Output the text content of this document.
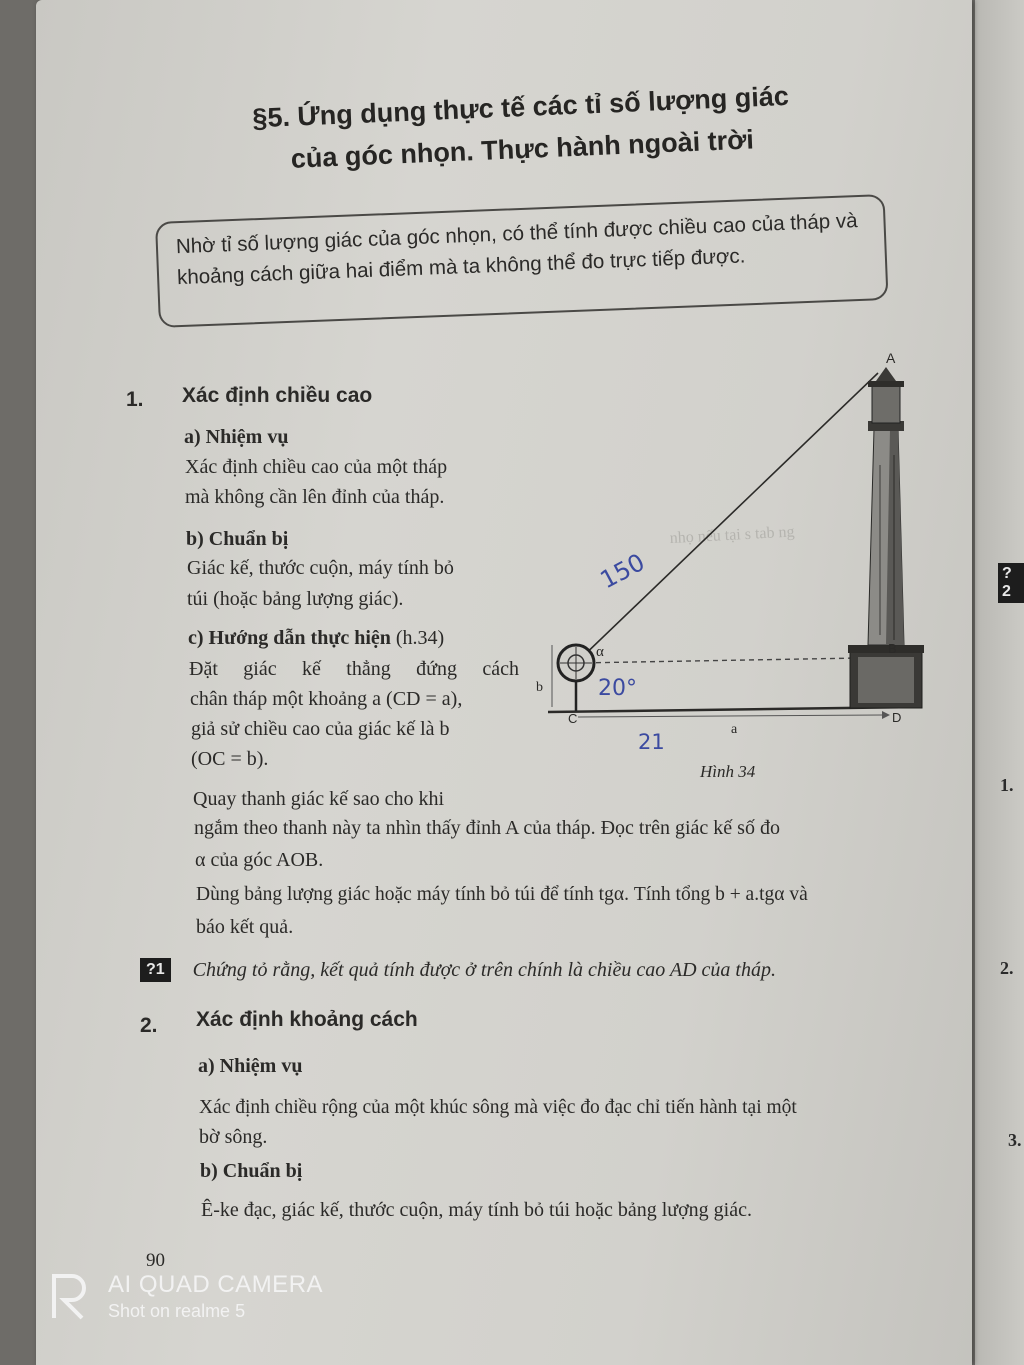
?2
1.
2.
3.
§5. Ứng dụng thực tế các tỉ số lượng giác
của góc nhọn. Thực hành ngoài trời
Nhờ tỉ số lượng giác của góc nhọn, có thể tính được chiều cao của tháp và khoảng cách giữa hai điểm mà ta không thể đo trực tiếp được.
1. Xác định chiều cao
a) Nhiệm vụ
Xác định chiều cao của một tháp
mà không cần lên đỉnh của tháp.
b) Chuẩn bị
Giác kế, thước cuộn, máy tính bỏ
túi (hoặc bảng lượng giác).
c) Hướng dẫn thực hiện (h.34)
Đặt giác kế thẳng đứng cách
chân tháp một khoảng a (CD = a),
giả sử chiều cao của giác kế là b
(OC = b).
Quay thanh giác kế sao cho khi
ngắm theo thanh này ta nhìn thấy đỉnh A của tháp. Đọc trên giác kế số đo
α của góc AOB.
Dùng bảng lượng giác hoặc máy tính bỏ túi để tính tgα. Tính tổng b + a.tgα và
báo kết quả.
nhọ nếu tại s tab ng
A
B
C	D
b
a
α
150
20°
21
Hình 34
?1	Chứng tỏ rằng, kết quả tính được ở trên chính là chiều cao AD của tháp.
2. Xác định khoảng cách
a) Nhiệm vụ
Xác định chiều rộng của một khúc sông mà việc đo đạc chỉ tiến hành tại một
bờ sông.
b) Chuẩn bị
Ê-ke đạc, giác kế, thước cuộn, máy tính bỏ túi hoặc bảng lượng giác.
90
AI QUAD CAMERA
Shot on realme 5
